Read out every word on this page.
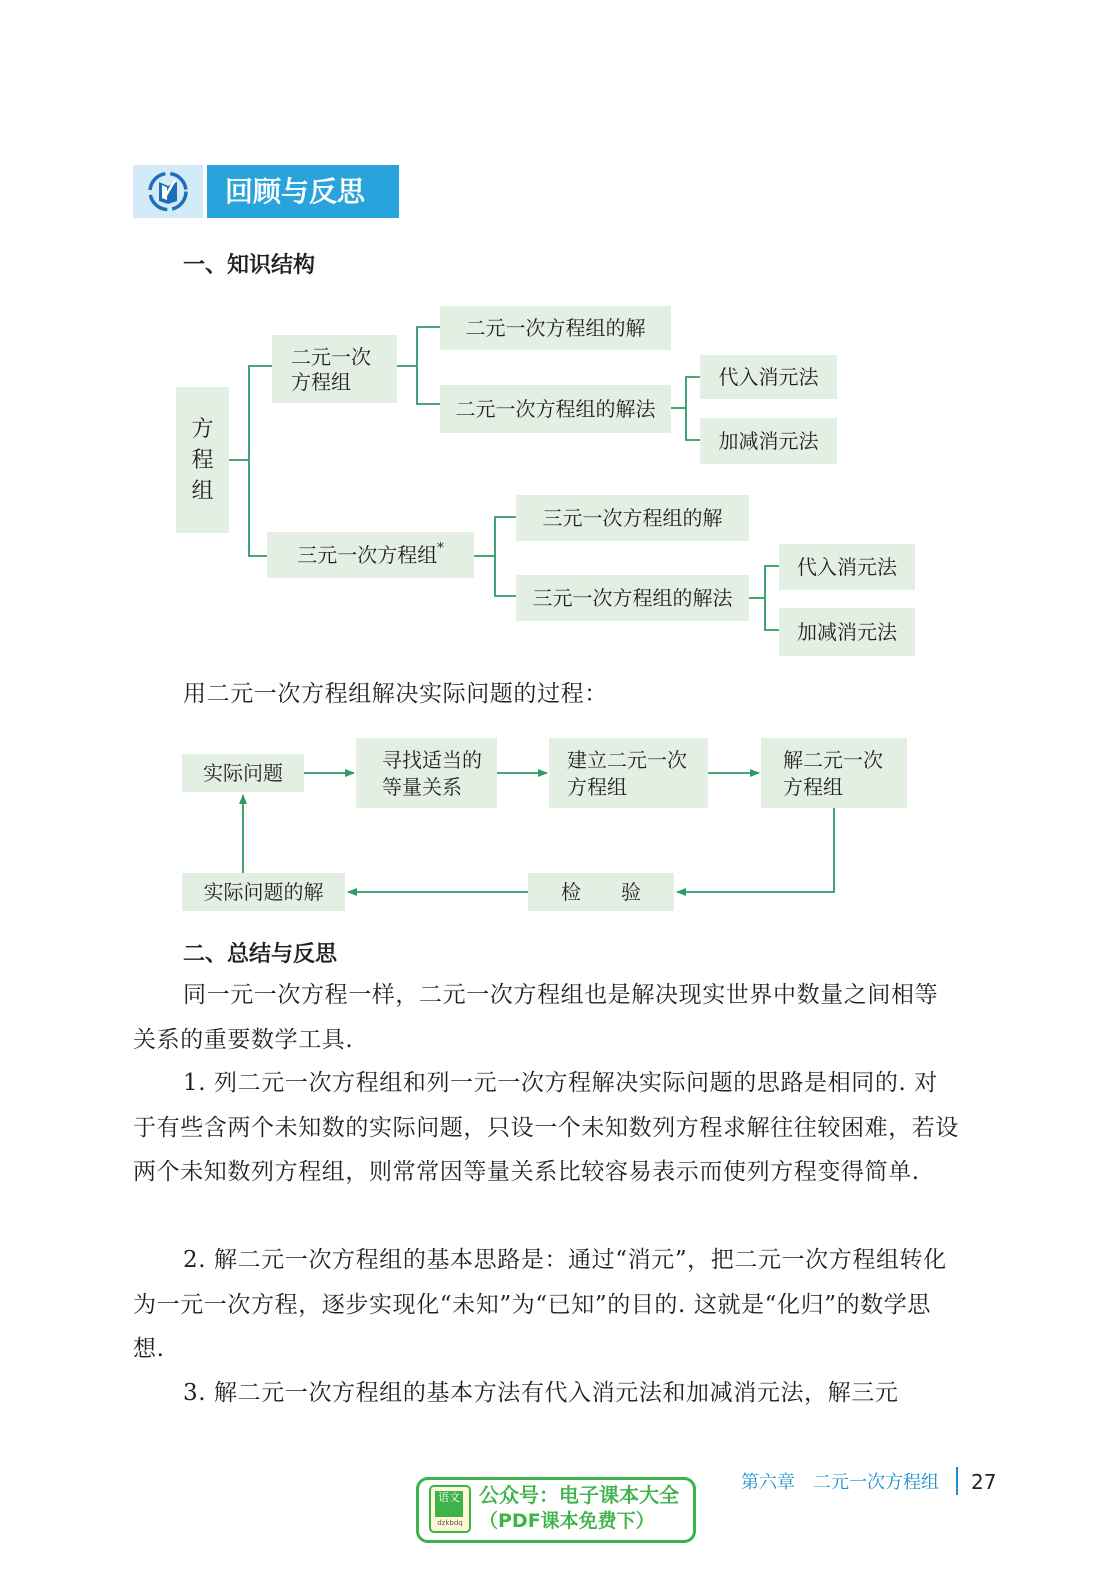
回顾与反思
一、知识结构
方程组
二元一次
方程组
二元一次方程组的解
二元一次方程组的解法
代入消元法
加减消元法
三元一次方程组*
三元一次方程组的解
三元一次方程组的解法
代入消元法
加减消元法
用二元一次方程组解决实际问题的过程：
实际问题
寻找适当的
等量关系
建立二元一次
方程组
解二元一次
方程组
检　　验
实际问题的解
二、总结与反思
同一元一次方程一样，二元一次方程组也是解决现实世界中数量之间相等关系的重要数学工具.
1. 列二元一次方程组和列一元一次方程解决实际问题的思路是相同的. 对于有些含两个未知数的实际问题，只设一个未知数列方程求解往往较困难，若设两个未知数列方程组，则常常因等量关系比较容易表示而使列方程变得简单.
2. 解二元一次方程组的基本思路是：通过“消元”，把二元一次方程组转化为一元一次方程，逐步实现化“未知”为“已知”的目的. 这就是“化归”的数学思想.
3. 解二元一次方程组的基本方法有代入消元法和加减消元法，解三元
第六章　二元一次方程组 27
语文
dzkbdq
公众号：电子课本大全
（PDF课本免费下）
